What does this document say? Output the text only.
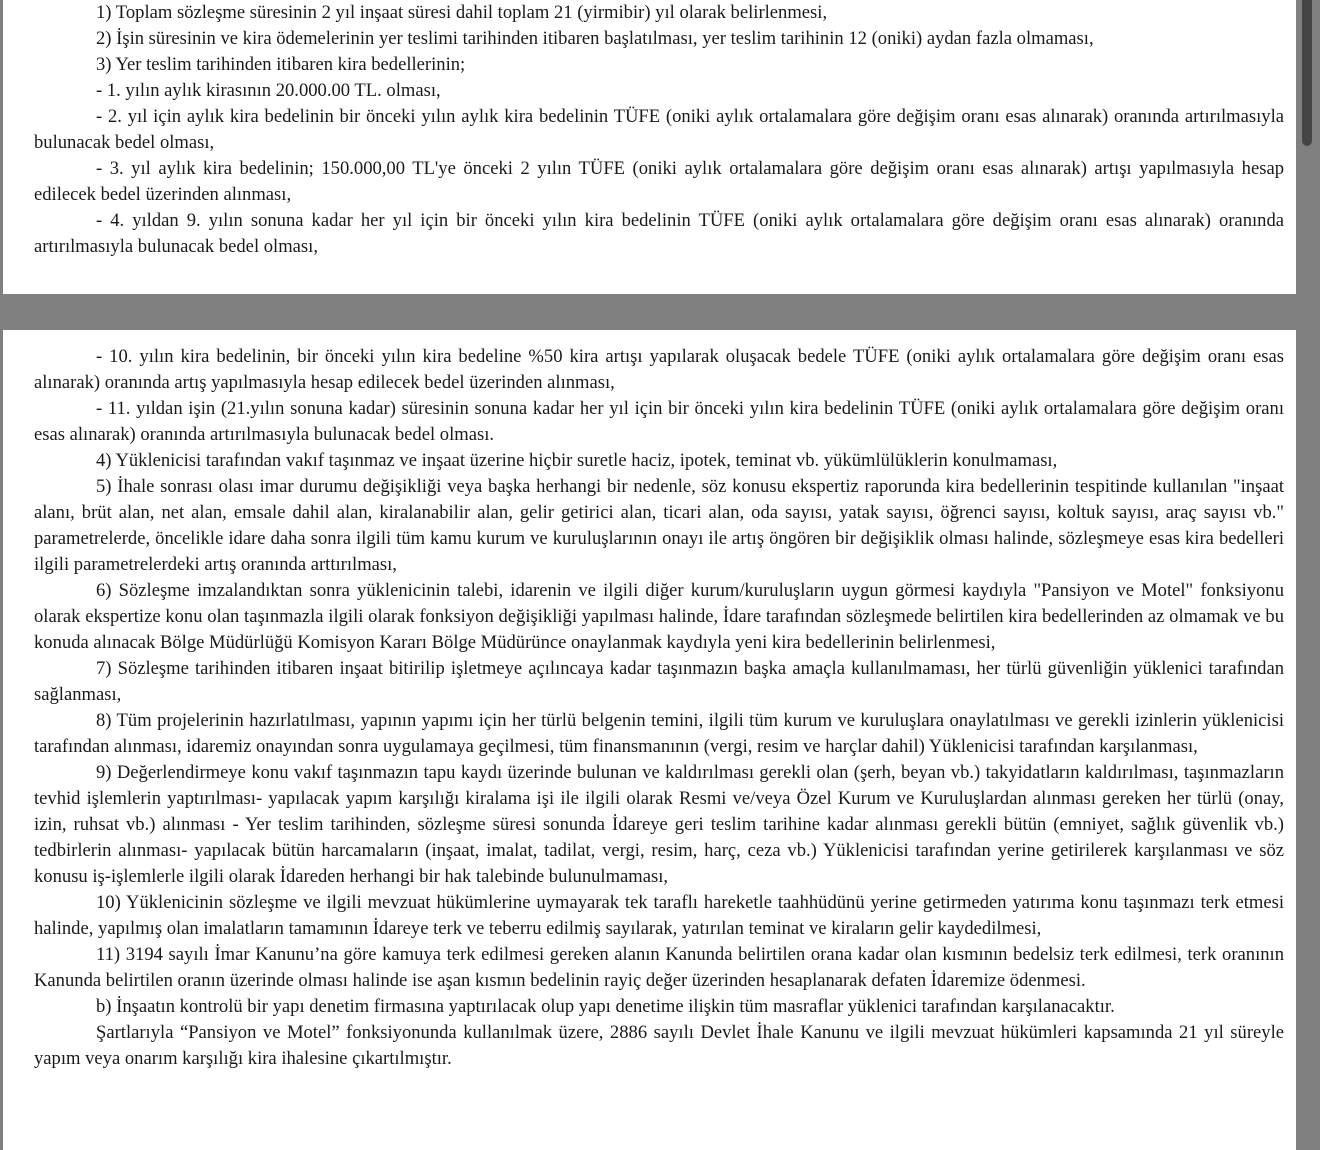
1) Toplam sözleşme süresinin 2 yıl inşaat süresi dahil toplam 21 (yirmibir) yıl olarak belirlenmesi,

2) İşin süresinin ve kira ödemelerinin yer teslimi tarihinden itibaren başlatılması, yer teslim tarihinin 12 (oniki) aydan fazla olmaması,

3) Yer teslim tarihinden itibaren kira bedellerinin;

- 1. yılın aylık kirasının 20.000.00 TL. olması,

- 2. yıl için aylık kira bedelinin bir önceki yılın aylık kira bedelinin TÜFE (oniki aylık ortalamalara göre değişim oranı esas alınarak) oranında artırılmasıyla bulunacak bedel olması,

- 3. yıl aylık kira bedelinin; 150.000,00 TL'ye önceki 2 yılın TÜFE (oniki aylık ortalamalara göre değişim oranı esas alınarak) artışı yapılmasıyla hesap edilecek bedel üzerinden alınması,

- 4. yıldan 9. yılın sonuna kadar her yıl için bir önceki yılın kira bedelinin TÜFE (oniki aylık ortalamalara göre değişim oranı esas alınarak) oranında artırılmasıyla bulunacak bedel olması,

- 10. yılın kira bedelinin, bir önceki yılın kira bedeline %50 kira artışı yapılarak oluşacak bedele TÜFE (oniki aylık ortalamalara göre değişim oranı esas alınarak) oranında artış yapılmasıyla hesap edilecek bedel üzerinden alınması,

- 11. yıldan işin (21.yılın sonuna kadar) süresinin sonuna kadar her yıl için bir önceki yılın kira bedelinin TÜFE (oniki aylık ortalamalara göre değişim oranı esas alınarak) oranında artırılmasıyla bulunacak bedel olması.

4) Yüklenicisi tarafından vakıf taşınmaz ve inşaat üzerine hiçbir suretle haciz, ipotek, teminat vb. yükümlülüklerin konulmaması,

5) İhale sonrası olası imar durumu değişikliği veya başka herhangi bir nedenle, söz konusu ekspertiz raporunda kira bedellerinin tespitinde kullanılan "inşaat alanı, brüt alan, net alan, emsale dahil alan, kiralanabilir alan, gelir getirici alan, ticari alan, oda sayısı, yatak sayısı, öğrenci sayısı, koltuk sayısı, araç sayısı vb." parametrelerde, öncelikle idare daha sonra ilgili tüm kamu kurum ve kuruluşlarının onayı ile artış öngören bir değişiklik olması halinde, sözleşmeye esas kira bedelleri ilgili parametrelerdeki artış oranında arttırılması,

6) Sözleşme imzalandıktan sonra yüklenicinin talebi, idarenin ve ilgili diğer kurum/kuruluşların uygun görmesi kaydıyla "Pansiyon ve Motel" fonksiyonu olarak ekspertize konu olan taşınmazla ilgili olarak fonksiyon değişikliği yapılması halinde, İdare tarafından sözleşmede belirtilen kira bedellerinden az olmamak ve bu konuda alınacak Bölge Müdürlüğü Komisyon Kararı Bölge Müdürünce onaylanmak kaydıyla yeni kira bedellerinin belirlenmesi,

7) Sözleşme tarihinden itibaren inşaat bitirilip işletmeye açılıncaya kadar taşınmazın başka amaçla kullanılmaması, her türlü güvenliğin yüklenici tarafından sağlanması,

8) Tüm projelerinin hazırlatılması, yapının yapımı için her türlü belgenin temini, ilgili tüm kurum ve kuruluşlara onaylatılması ve gerekli izinlerin yüklenicisi tarafından alınması, idaremiz onayından sonra uygulamaya geçilmesi, tüm finansmanının (vergi, resim ve harçlar dahil) Yüklenicisi tarafından karşılanması,

9) Değerlendirmeye konu vakıf taşınmazın tapu kaydı üzerinde bulunan ve kaldırılması gerekli olan (şerh, beyan vb.) takyidatların kaldırılması, taşınmazların tevhid işlemlerin yaptırılması- yapılacak yapım karşılığı kiralama işi ile ilgili olarak Resmi ve/veya Özel Kurum ve Kuruluşlardan alınması gereken her türlü (onay, izin, ruhsat vb.) alınması - Yer teslim tarihinden, sözleşme süresi sonunda İdareye geri teslim tarihine kadar alınması gerekli bütün (emniyet, sağlık güvenlik vb.) tedbirlerin alınması- yapılacak bütün harcamaların (inşaat, imalat, tadilat, vergi, resim, harç, ceza vb.) Yüklenicisi tarafından yerine getirilerek karşılanması ve söz konusu iş-işlemlerle ilgili olarak İdareden herhangi bir hak talebinde bulunulmaması,

10) Yüklenicinin sözleşme ve ilgili mevzuat hükümlerine uymayarak tek taraflı hareketle taahhüdünü yerine getirmeden yatırıma konu taşınmazı terk etmesi halinde, yapılmış olan imalatların tamamının İdareye terk ve teberru edilmiş sayılarak, yatırılan teminat ve kiraların gelir kaydedilmesi,

11) 3194 sayılı İmar Kanunu’na göre kamuya terk edilmesi gereken alanın Kanunda belirtilen orana kadar olan kısmının bedelsiz terk edilmesi, terk oranının Kanunda belirtilen oranın üzerinde olması halinde ise aşan kısmın bedelinin rayiç değer üzerinden hesaplanarak defaten İdaremize ödenmesi.

b) İnşaatın kontrolü bir yapı denetim firmasına yaptırılacak olup yapı denetime ilişkin tüm masraflar yüklenici tarafından karşılanacaktır.

Şartlarıyla “Pansiyon ve Motel” fonksiyonunda kullanılmak üzere, 2886 sayılı Devlet İhale Kanunu ve ilgili mevzuat hükümleri kapsamında 21 yıl süreyle yapım veya onarım karşılığı kira ihalesine çıkartılmıştır.
